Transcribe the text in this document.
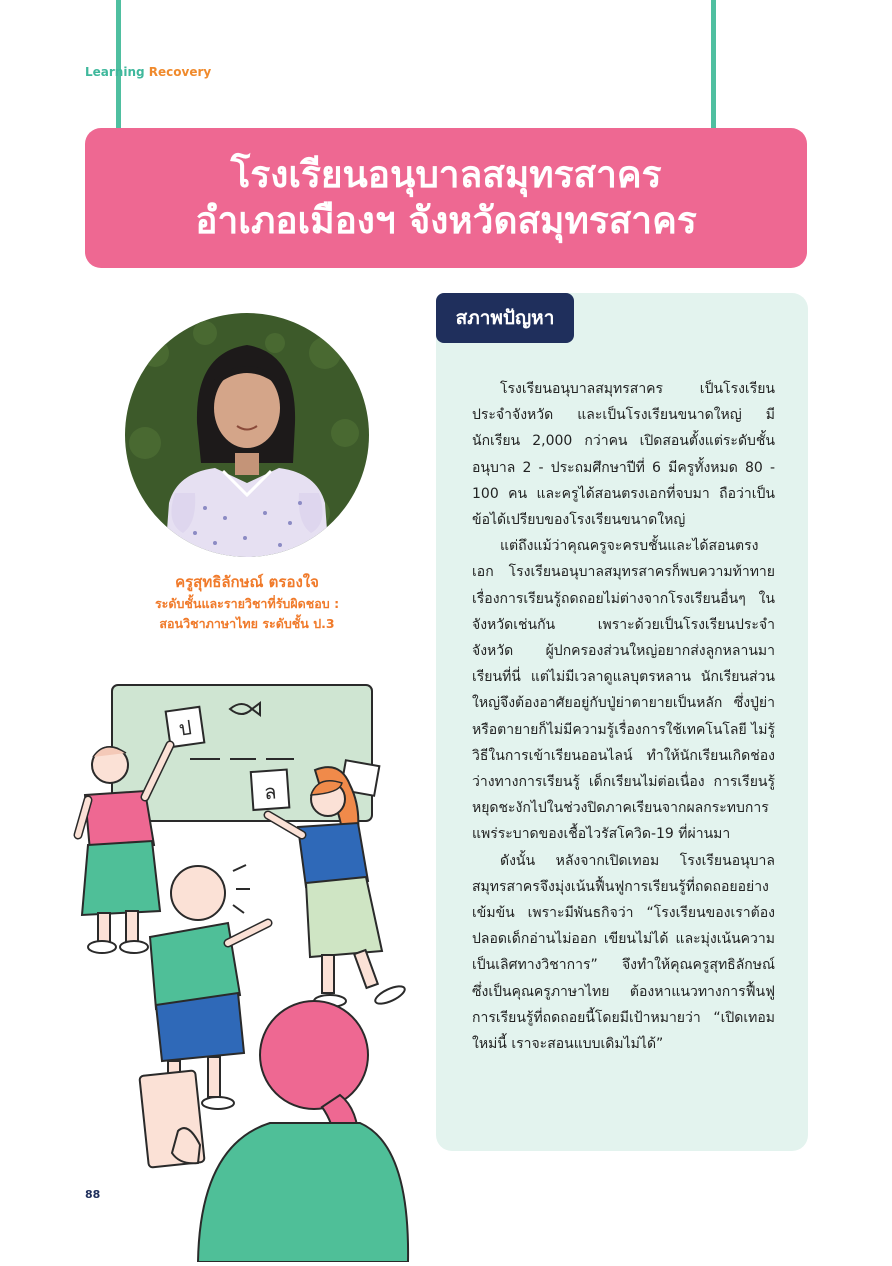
Learning Recovery
โรงเรียนอนุบาลสมุทรสาคร
อำเภอเมืองฯ จังหวัดสมุทรสาคร
ครูสุทธิลักษณ์ ตรองใจ
ระดับชั้นและรายวิชาที่รับผิดชอบ :
สอนวิชาภาษาไทย ระดับชั้น ป.3
ป
ล
สภาพปัญหา

โรงเรียนอนุบาลสมุทรสาคร เป็นโรงเรียนประจำจังหวัด และเป็นโรงเรียนขนาดใหญ่ มีนักเรียน 2,000 กว่าคน เปิดสอนตั้งแต่ระดับชั้นอนุบาล 2 - ประถมศึกษาปีที่ 6 มีครูทั้งหมด 80 - 100 คน และครูได้สอนตรงเอกที่จบมา ถือว่าเป็นข้อได้เปรียบของโรงเรียนขนาดใหญ่

แต่ถึงแม้ว่าคุณครูจะครบชั้นและได้สอนตรงเอก โรงเรียนอนุบาลสมุทรสาครก็พบความท้าทายเรื่องการเรียนรู้ถดถอยไม่ต่างจากโรงเรียนอื่นๆ ในจังหวัดเช่นกัน เพราะด้วยเป็นโรงเรียนประจำจังหวัด ผู้ปกครองส่วนใหญ่อยากส่งลูกหลานมาเรียนที่นี่ แต่ไม่มีเวลาดูแลบุตรหลาน นักเรียนส่วนใหญ่จึงต้องอาศัยอยู่กับปู่ย่าตายายเป็นหลัก ซึ่งปู่ย่าหรือตายายก็ไม่มีความรู้เรื่องการใช้เทคโนโลยี ไม่รู้วิธีในการเข้าเรียนออนไลน์ ทำให้นักเรียนเกิดช่องว่างทางการเรียนรู้ เด็กเรียนไม่ต่อเนื่อง การเรียนรู้หยุดชะงักไปในช่วงปิดภาคเรียนจากผลกระทบการแพร่ระบาดของเชื้อไวรัสโควิด-19 ที่ผ่านมา

ดังนั้น หลังจากเปิดเทอม โรงเรียนอนุบาลสมุทรสาครจึงมุ่งเน้นฟื้นฟูการเรียนรู้ที่ถดถอยอย่างเข้มข้น เพราะมีพันธกิจว่า “โรงเรียนของเราต้องปลอดเด็กอ่านไม่ออก เขียนไม่ได้ และมุ่งเน้นความเป็นเลิศทางวิชาการ” จึงทำให้คุณครูสุทธิลักษณ์ ซึ่งเป็นคุณครูภาษาไทย ต้องหาแนวทางการฟื้นฟูการเรียนรู้ที่ถดถอยนี้โดยมีเป้าหมายว่า “เปิดเทอมใหม่นี้ เราจะสอนแบบเดิมไม่ได้”

88
